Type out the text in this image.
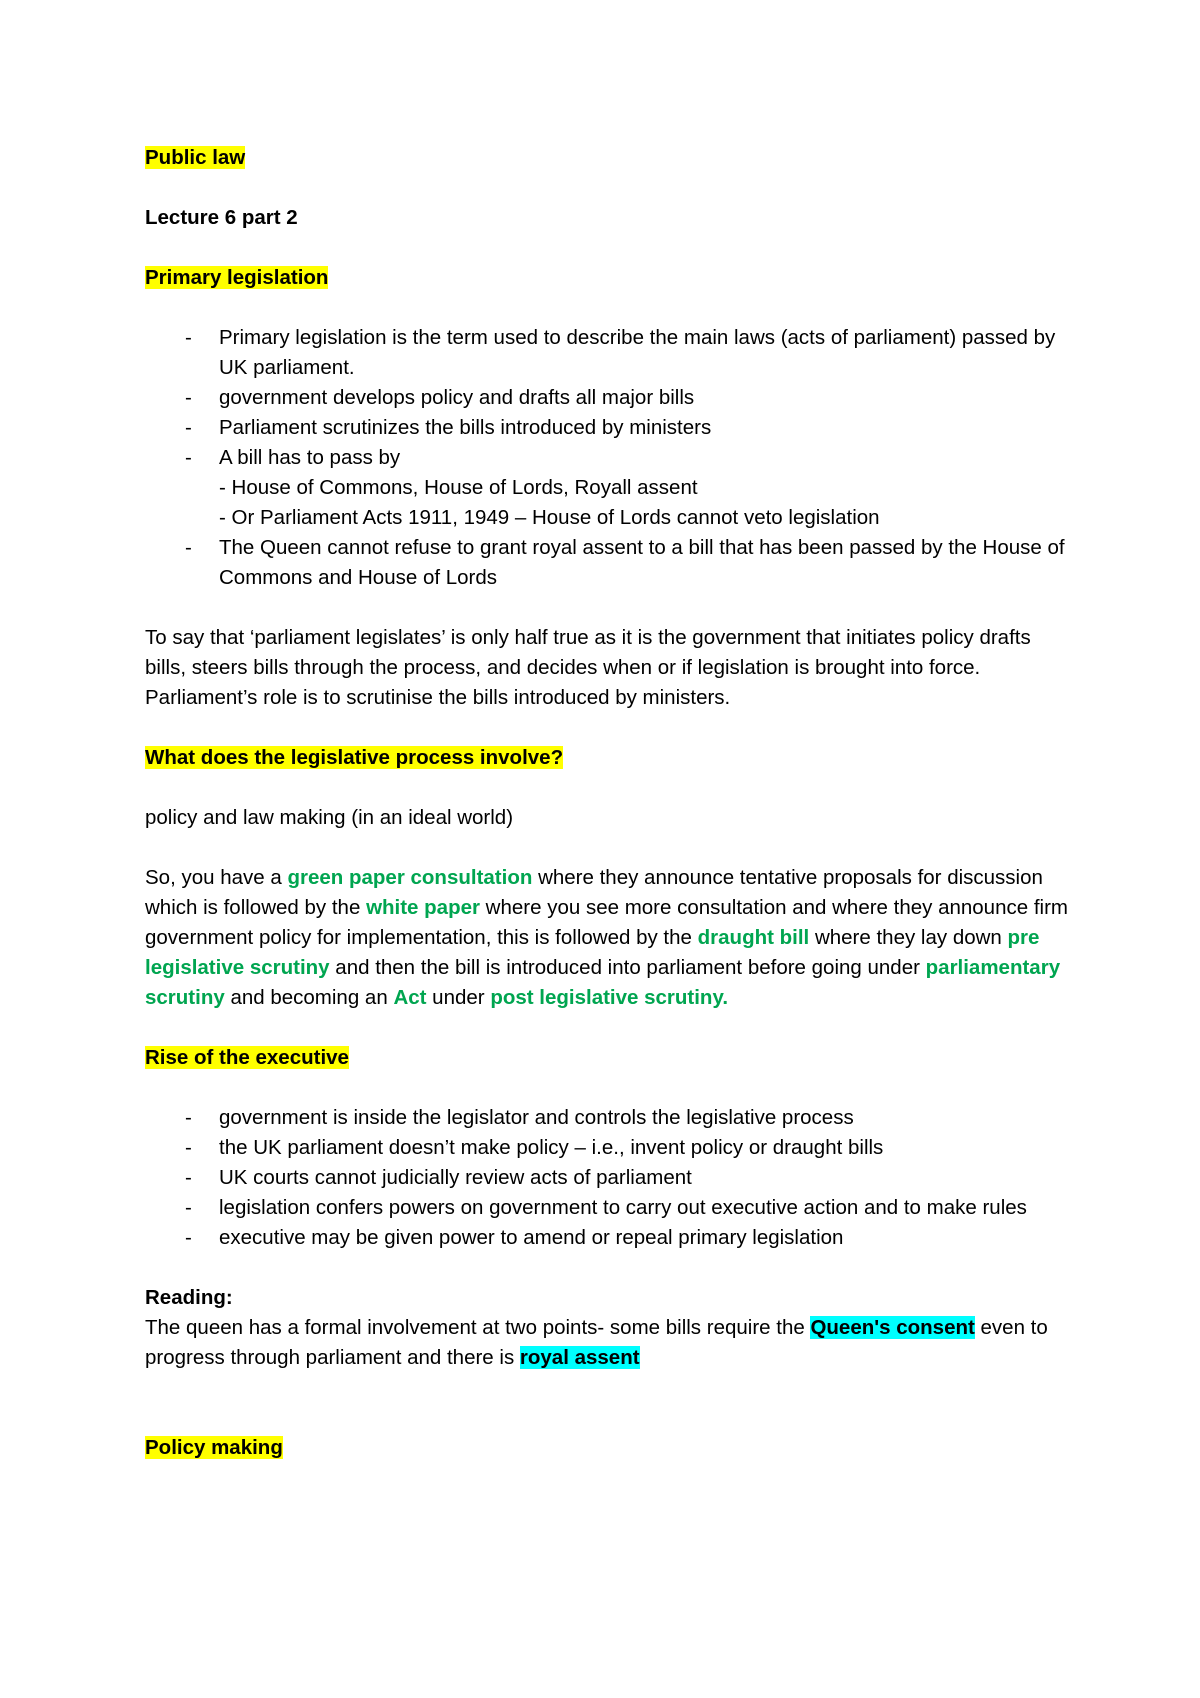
Public law

Lecture 6 part 2

Primary legislation

- Primary legislation is the term used to describe the main laws (acts of parliament) passed by UK parliament.
- government develops policy and drafts all major bills
- Parliament scrutinizes the bills introduced by ministers
- A bill has to pass by
- House of Commons, House of Lords, Royall assent
- Or Parliament Acts 1911, 1949 – House of Lords cannot veto legislation
- The Queen cannot refuse to grant royal assent to a bill that has been passed by the House of Commons and House of Lords

To say that ‘parliament legislates’ is only half true as it is the government that initiates policy drafts bills, steers bills through the process, and decides when or if legislation is brought into force. Parliament’s role is to scrutinise the bills introduced by ministers.

What does the legislative process involve?

policy and law making (in an ideal world)

So, you have a green paper consultation where they announce tentative proposals for discussion which is followed by the white paper where you see more consultation and where they announce firm government policy for implementation, this is followed by the draught bill where they lay down pre legislative scrutiny and then the bill is introduced into parliament before going under parliamentary scrutiny and becoming an Act under post legislative scrutiny.

Rise of the executive

- government is inside the legislator and controls the legislative process
- the UK parliament doesn’t make policy – i.e., invent policy or draught bills
- UK courts cannot judicially review acts of parliament
- legislation confers powers on government to carry out executive action and to make rules
- executive may be given power to amend or repeal primary legislation

Reading:

The queen has a formal involvement at two points- some bills require the Queen's consent even to progress through parliament and there is royal assent

Policy making
